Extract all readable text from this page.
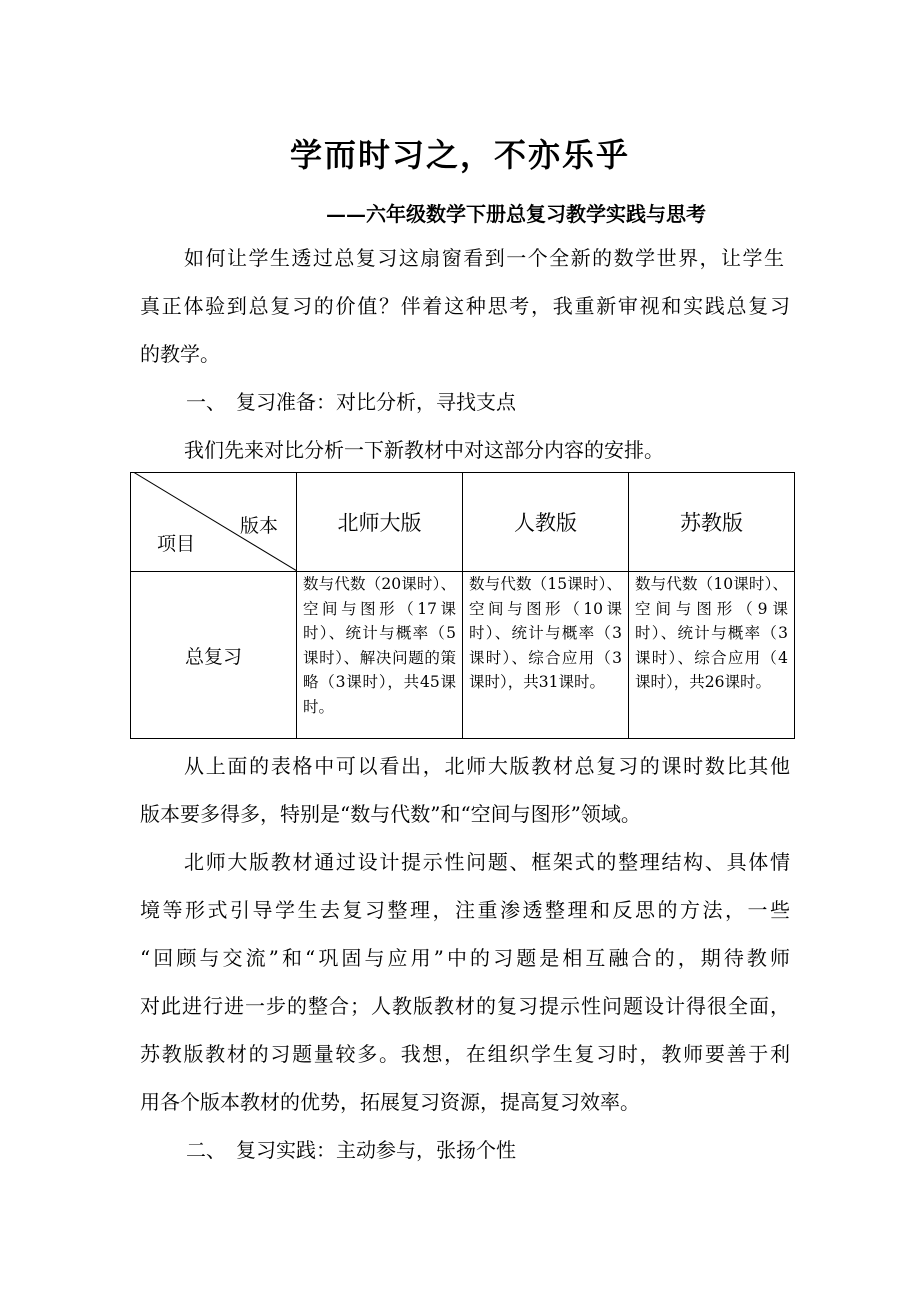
学而时习之，不亦乐乎
——六年级数学下册总复习教学实践与思考
如何让学生透过总复习这扇窗看到一个全新的数学世界，让学生
真正体验到总复习的价值？伴着这种思考，我重新审视和实践总复习
的教学。
一、　复习准备：对比分析，寻找支点
我们先来对比分析一下新教材中对这部分内容的安排。
版本
项目	北师大版	人教版	苏教版
总复习	数与代数（20课时）、空间与图形（17课时）、统计与概率（5课时）、解决问题的策略（3课时），共45课时。	数与代数（15课时）、空间与图形（10课时）、统计与概率（3课时）、综合应用（3课时），共31课时。	数与代数（10课时）、空间与图形（9课时）、统计与概率（3课时）、综合应用（4课时），共26课时。
从上面的表格中可以看出，北师大版教材总复习的课时数比其他
版本要多得多，特别是“数与代数”和“空间与图形”领域。
北师大版教材通过设计提示性问题、框架式的整理结构、具体情
境等形式引导学生去复习整理，注重渗透整理和反思的方法，一些
“回顾与交流”和“巩固与应用”中的习题是相互融合的，期待教师
对此进行进一步的整合；人教版教材的复习提示性问题设计得很全面，
苏教版教材的习题量较多。我想，在组织学生复习时，教师要善于利
用各个版本教材的优势，拓展复习资源，提高复习效率。
二、　复习实践：主动参与，张扬个性
